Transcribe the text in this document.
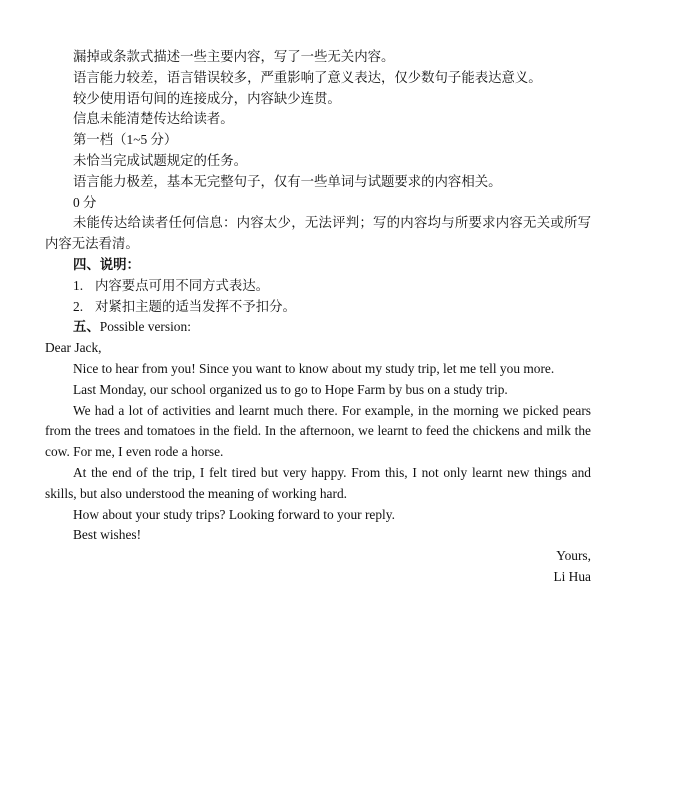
漏掉或条款式描述一些主要内容，写了一些无关内容。

语言能力较差，语言错误较多，严重影响了意义表达，仅少数句子能表达意义。

较少使用语句间的连接成分，内容缺少连贯。

信息未能清楚传达给读者。

第一档（1~5 分）

未恰当完成试题规定的任务。

语言能力极差，基本无完整句子，仅有一些单词与试题要求的内容相关。

0 分

未能传达给读者任何信息：内容太少，无法评判；写的内容均与所要求内容无关或所写内容无法看清。

四、说明：

1. 内容要点可用不同方式表达。

2. 对紧扣主题的适当发挥不予扣分。

五、Possible version:

Dear Jack,

Nice to hear from you! Since you want to know about my study trip, let me tell you more.

Last Monday, our school organized us to go to Hope Farm by bus on a study trip.

We had a lot of activities and learnt much there. For example, in the morning we picked pears from the trees and tomatoes in the field. In the afternoon, we learnt to feed the chickens and milk the cow. For me, I even rode a horse.

At the end of the trip, I felt tired but very happy. From this, I not only learnt new things and skills, but also understood the meaning of working hard.

How about your study trips? Looking forward to your reply.

Best wishes!

Yours,

Li Hua
